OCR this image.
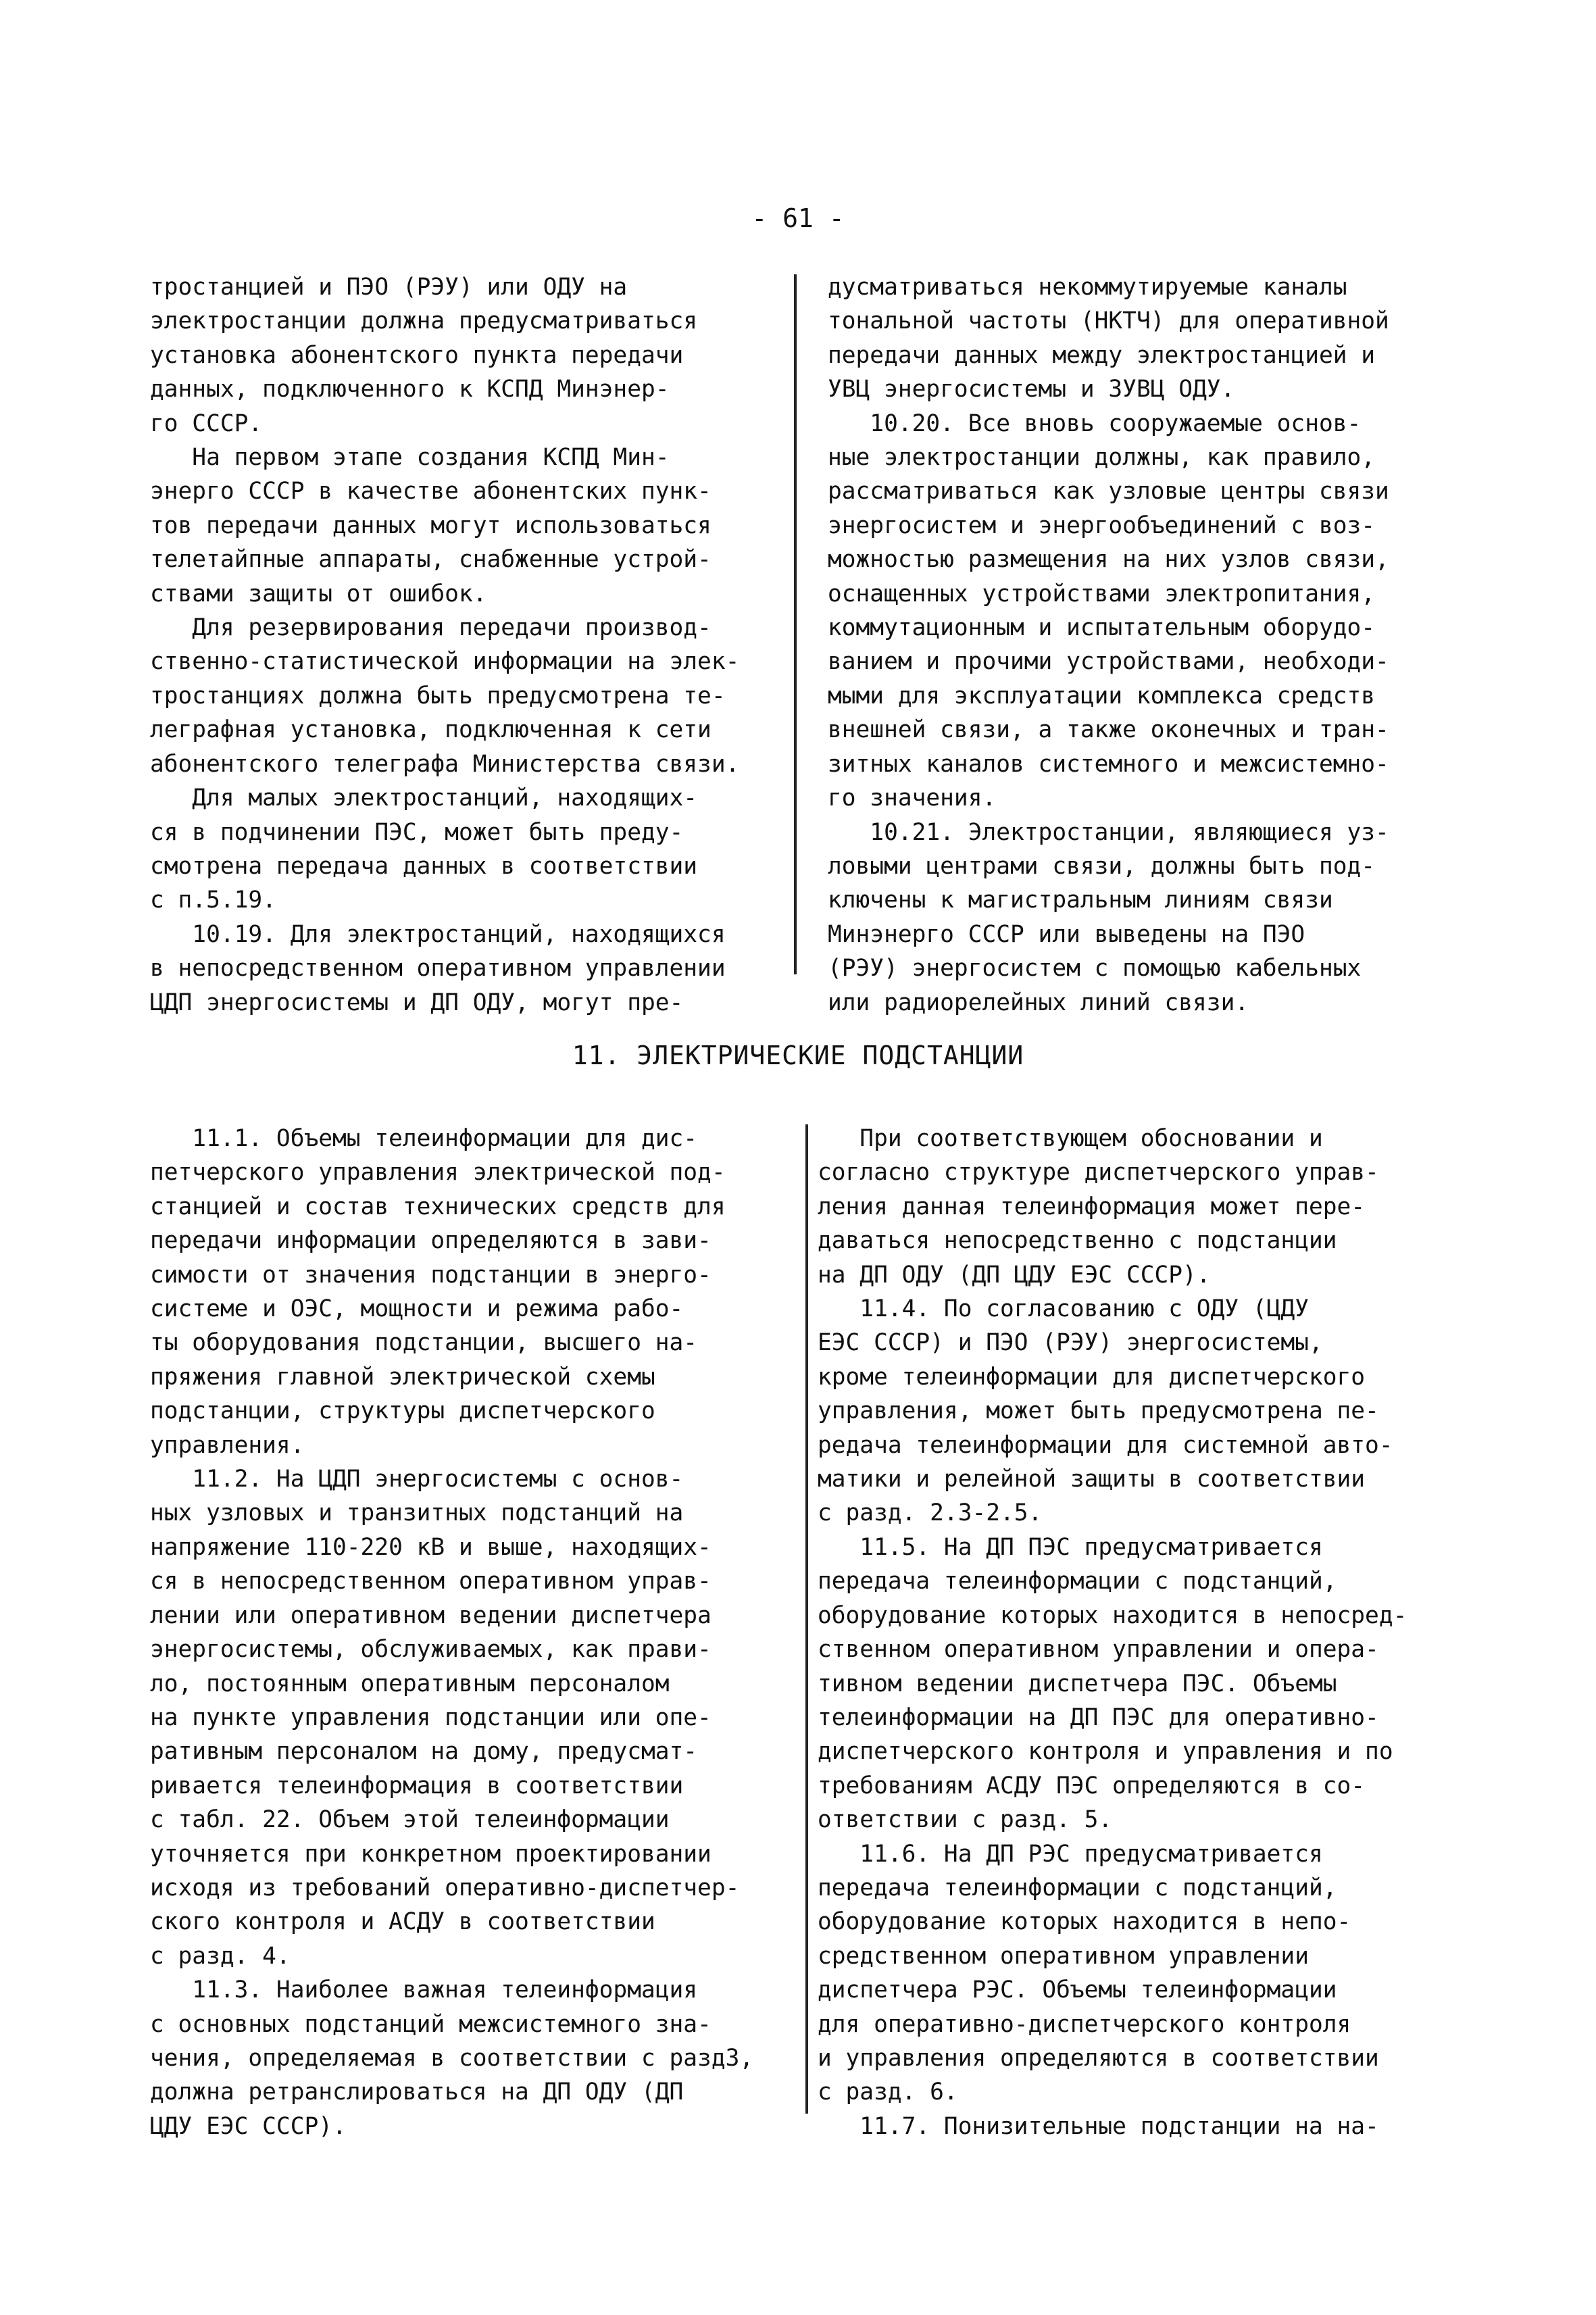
- 61 -

тростанцией и ПЭО (РЭУ) или ОДУ на

электростанции должна предусматриваться

установка абонентского пункта передачи

данных, подключенного к КСПД Минэнер-

го СССР.

На первом этапе создания КСПД Мин-

энерго СССР в качестве абонентских пунк-

тов передачи данных могут использоваться

телетайпные аппараты, снабженные устрой-

ствами защиты от ошибок.

Для резервирования передачи производ-

ственно-статистической информации на элек-

тростанциях должна быть предусмотрена те-

леграфная установка, подключенная к сети

абонентского телеграфа Министерства связи.

Для малых электростанций, находящих-

ся в подчинении ПЭС, может быть преду-

смотрена передача данных в соответствии

с п.5.19.

10.19. Для электростанций, находящихся

в непосредственном оперативном управлении

ЦДП энергосистемы и ДП ОДУ, могут пре-

дусматриваться некоммутируемые каналы

тональной частоты (НКТЧ) для оперативной

передачи данных между электростанцией и

УВЦ энергосистемы и ЗУВЦ ОДУ.

10.20. Все вновь сооружаемые основ-

ные электростанции должны, как правило,

рассматриваться как узловые центры связи

энергосистем и энергообъединений с воз-

можностью размещения на них узлов связи,

оснащенных устройствами электропитания,

коммутационным и испытательным оборудо-

ванием и прочими устройствами, необходи-

мыми для эксплуатации комплекса средств

внешней связи, а также оконечных и тран-

зитных каналов системного и межсистемно-

го значения.

10.21. Электростанции, являющиеся уз-

ловыми центрами связи, должны быть под-

ключены к магистральным линиям связи

Минэнерго СССР или выведены на ПЭО

(РЭУ) энергосистем с помощью кабельных

или радиорелейных линий связи.

11. ЭЛЕКТРИЧЕСКИЕ ПОДСТАНЦИИ

11.1. Объемы телеинформации для дис-

петчерского управления электрической под-

станцией и состав технических средств для

передачи информации определяются в зави-

симости от значения подстанции в энерго-

системе и ОЭС, мощности и режима рабо-

ты оборудования подстанции, высшего на-

пряжения главной электрической схемы

подстанции, структуры диспетчерского

управления.

11.2. На ЦДП энергосистемы с основ-

ных узловых и транзитных подстанций на

напряжение 110-220 кВ и выше, находящих-

ся в непосредственном оперативном управ-

лении или оперативном ведении диспетчера

энергосистемы, обслуживаемых, как прави-

ло, постоянным оперативным персоналом

на пункте управления подстанции или опе-

ративным персоналом на дому, предусмат-

ривается телеинформация в соответствии

с табл. 22. Объем этой телеинформации

уточняется при конкретном проектировании

исходя из требований оперативно-диспетчер-

ского контроля и АСДУ в соответствии

с разд. 4.

11.3. Наиболее важная телеинформация

с основных подстанций межсистемного зна-

чения, определяемая в соответствии с разд3,

должна ретранслироваться на ДП ОДУ (ДП

ЦДУ ЕЭС СССР).

При соответствующем обосновании и

согласно структуре диспетчерского управ-

ления данная телеинформация может пере-

даваться непосредственно с подстанции

на ДП ОДУ (ДП ЦДУ ЕЭС СССР).

11.4. По согласованию с ОДУ (ЦДУ

ЕЭС СССР) и ПЭО (РЭУ) энергосистемы,

кроме телеинформации для диспетчерского

управления, может быть предусмотрена пе-

редача телеинформации для системной авто-

матики и релейной защиты в соответствии

с разд. 2.3-2.5.

11.5. На ДП ПЭС предусматривается

передача телеинформации с подстанций,

оборудование которых находится в непосред-

ственном оперативном управлении и опера-

тивном ведении диспетчера ПЭС. Объемы

телеинформации на ДП ПЭС для оперативно-

диспетчерского контроля и управления и по

требованиям АСДУ ПЭС определяются в со-

ответствии с разд. 5.

11.6. На ДП РЭС предусматривается

передача телеинформации с подстанций,

оборудование которых находится в непо-

средственном оперативном управлении

диспетчера РЭС. Объемы телеинформации

для оперативно-диспетчерского контроля

и управления определяются в соответствии

с разд. 6.

11.7. Понизительные подстанции на на-
